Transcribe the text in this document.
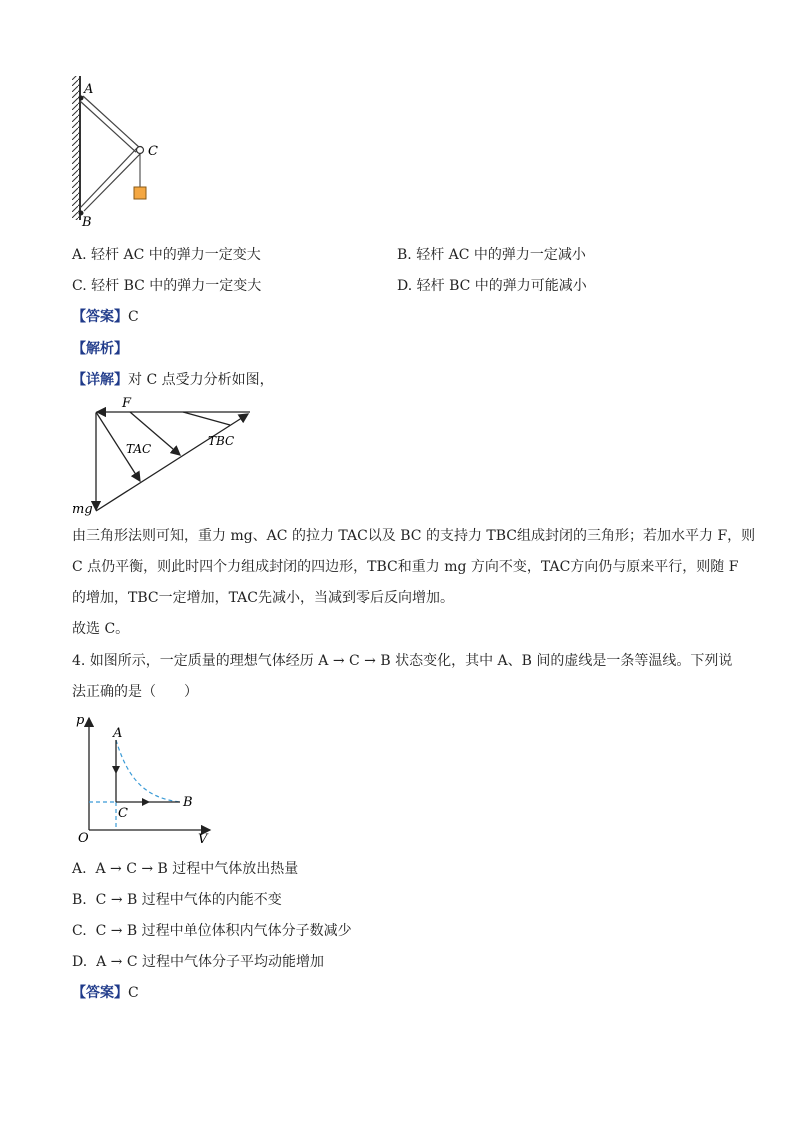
A
C
B
A. 轻杆 AC 中的弹力一定变大	B. 轻杆 AC 中的弹力一定减小
C. 轻杆 BC 中的弹力一定变大	D. 轻杆 BC 中的弹力可能减小
【答案】C
【解析】
【详解】对 C 点受力分析如图，
F
TAC
TBC
mg
由三角形法则可知，重力 mg、AC 的拉力 TAC以及 BC 的支持力 TBC组成封闭的三角形；若加水平力 F，则
C 点仍平衡，则此时四个力组成封闭的四边形，TBC和重力 mg 方向不变，TAC方向仍与原来平行，则随 F
的增加，TBC一定增加，TAC先减小，当减到零后反向增加。
故选 C。
4. 如图所示，一定质量的理想气体经历 A → C → B 状态变化，其中 A、B 间的虚线是一条等温线。下列说
法正确的是（　　）
p
V
O
A
B
C
A. A → C → B 过程中气体放出热量
B. C → B 过程中气体的内能不变
C. C → B 过程中单位体积内气体分子数减少
D. A → C 过程中气体分子平均动能增加
【答案】C
